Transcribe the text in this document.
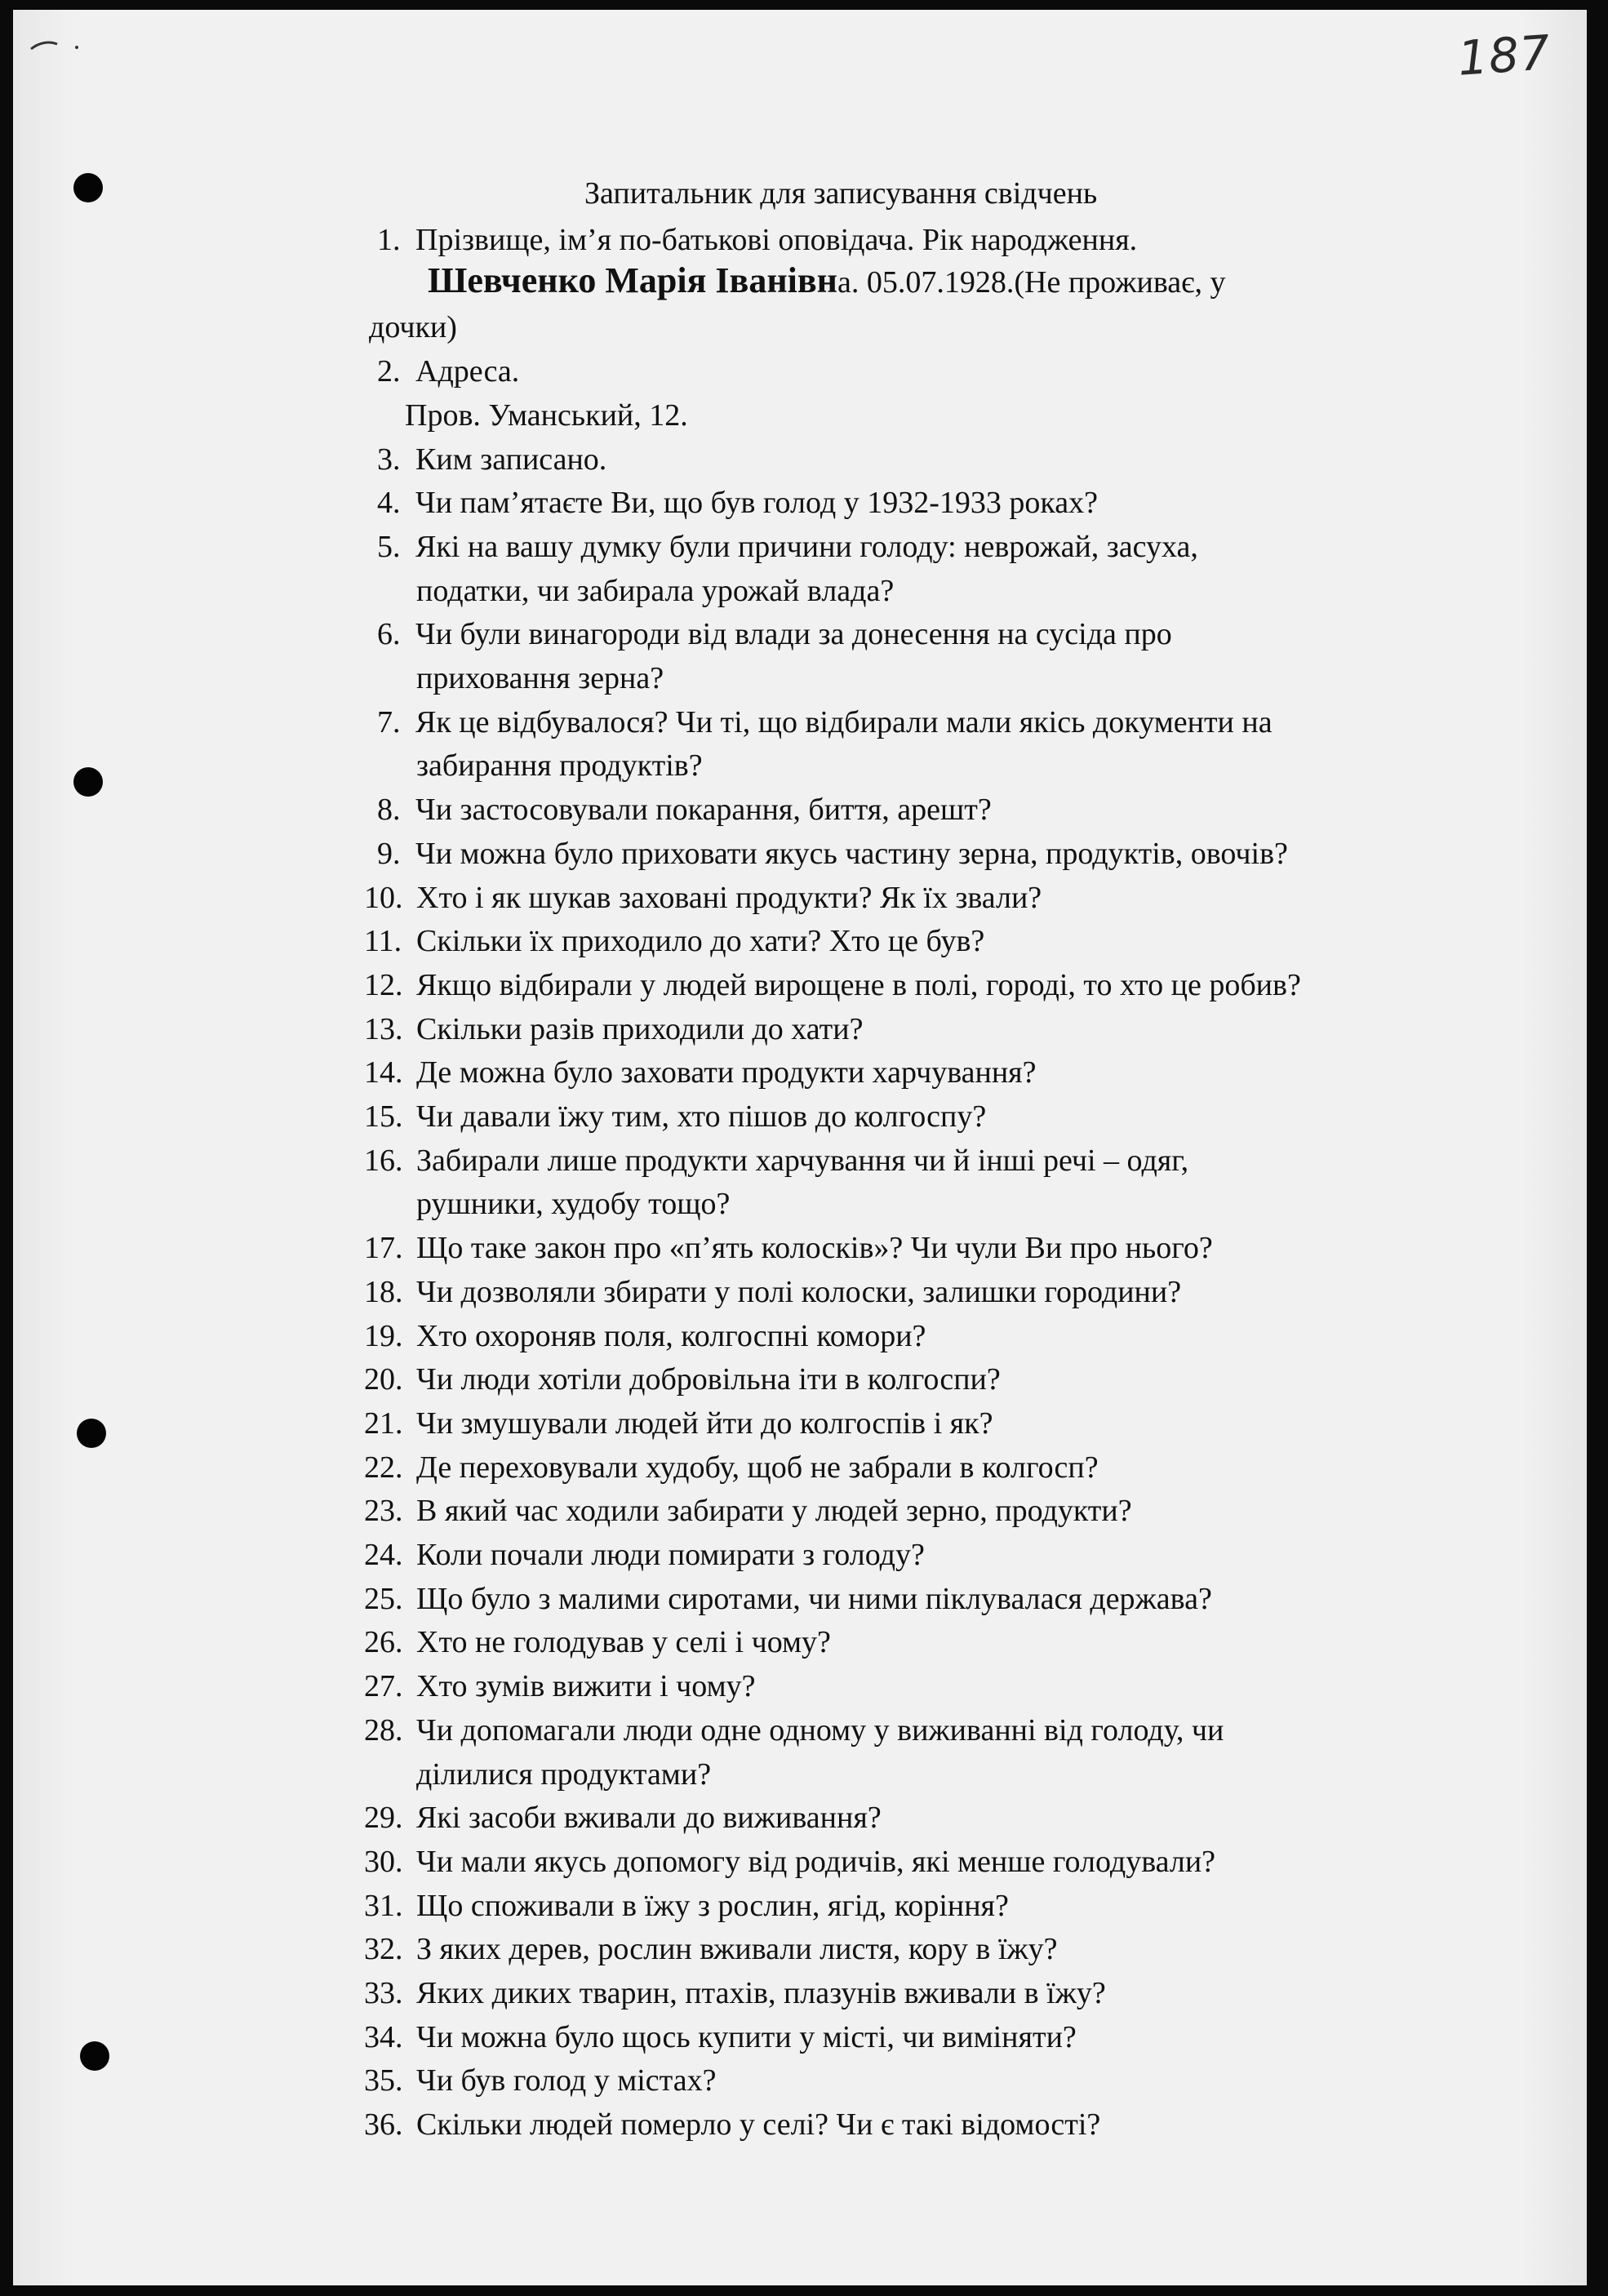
187
Запитальник для записування свідчень
1. Прізвище, ім’я по-батькові оповідача. Рік народження.
Шевченко Марія Іванівна. 05.07.1928.(Не проживає, у
дочки)
2. Адреса.
Пров. Уманський, 12.
3. Ким записано.
4. Чи пам’ятаєте Ви, що був голод у 1932-1933 роках?
5. Які на вашу думку були причини голоду: неврожай, засуха,
податки, чи забирала урожай влада?
6. Чи були винагороди від влади за донесення на сусіда про
приховання зерна?
7. Як це відбувалося? Чи ті, що відбирали мали якісь документи на
забирання продуктів?
8. Чи застосовували покарання, биття, арешт?
9. Чи можна було приховати якусь частину зерна, продуктів, овочів?
10. Хто і як шукав заховані продукти? Як їх звали?
11. Скільки їх приходило до хати? Хто це був?
12. Якщо відбирали у людей вирощене в полі, городі, то хто це робив?
13. Скільки разів приходили до хати?
14. Де можна було заховати продукти харчування?
15. Чи давали їжу тим, хто пішов до колгоспу?
16. Забирали лише продукти харчування чи й інші речі – одяг,
рушники, худобу тощо?
17. Що таке закон про «п’ять колосків»? Чи чули Ви про нього?
18. Чи дозволяли збирати у полі колоски, залишки городини?
19. Хто охороняв поля, колгоспні комори?
20. Чи люди хотіли добровільна іти в колгоспи?
21. Чи змушували людей йти до колгоспів і як?
22. Де переховували худобу, щоб не забрали в колгосп?
23. В який час ходили забирати у людей зерно, продукти?
24. Коли почали люди помирати з голоду?
25. Що було з малими сиротами, чи ними піклувалася держава?
26. Хто не голодував у селі і чому?
27. Хто зумів вижити і чому?
28. Чи допомагали люди одне одному у виживанні від голоду, чи
ділилися продуктами?
29. Які засоби вживали до виживання?
30. Чи мали якусь допомогу від родичів, які менше голодували?
31. Що споживали в їжу з рослин, ягід, коріння?
32. З яких дерев, рослин вживали листя, кору в їжу?
33. Яких диких тварин, птахів, плазунів вживали в їжу?
34. Чи можна було щось купити у місті, чи виміняти?
35. Чи був голод у містах?
36. Скільки людей померло у селі? Чи є такі відомості?
